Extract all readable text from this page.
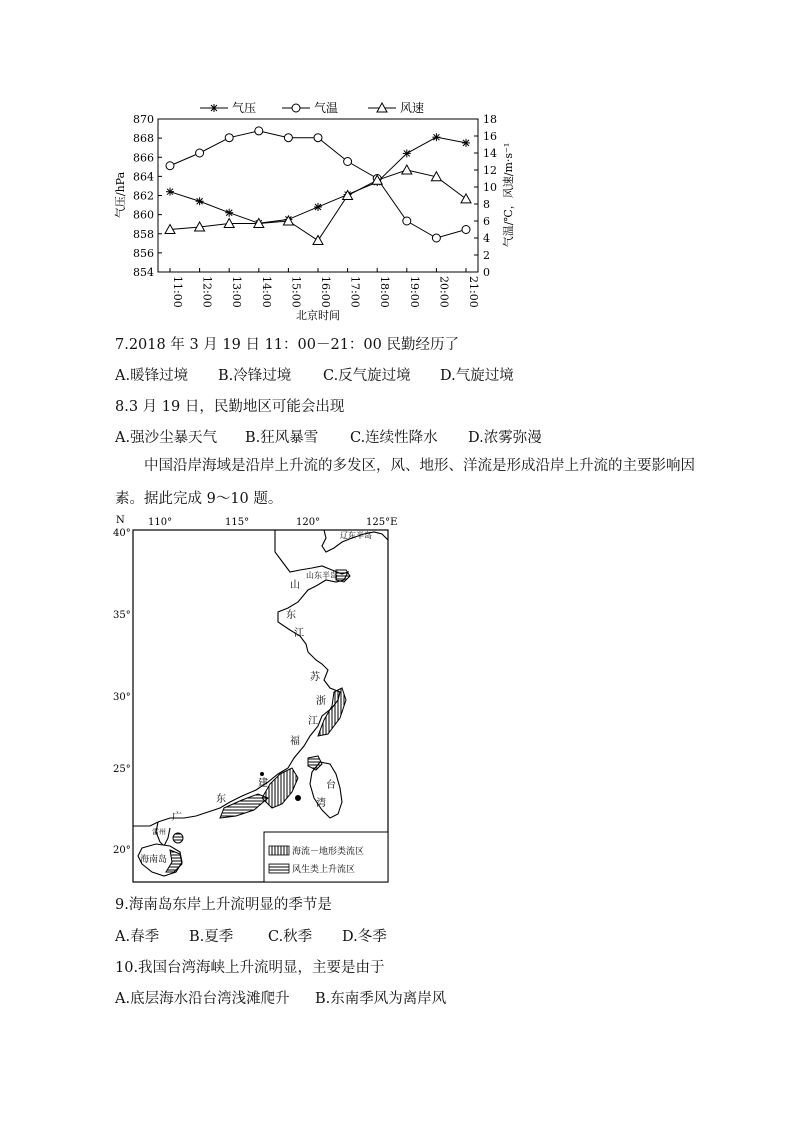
气压	气温	风速
气压/hPa	气温/℃，风速/m·s⁻¹
北京时间
854
856
858
860
862
864
866
868
870
0
2
4
6
8
10
12
14
16
18
11:00 12:00 13:00 14:00 15:00 16:00 17:00 18:00 19:00 20:00 21:00
7.2018 年 3 月 19 日 11：00－21：00 民勤经历了
A.暖锋过境 B.冷锋过境 C.反气旋过境 D.气旋过境
8.3 月 19 日，民勤地区可能会出现
A.强沙尘暴天气 B.狂风暴雪 C.连续性降水 D.浓雾弥漫
中国沿岸海域是沿岸上升流的多发区，风、地形、洋流是形成沿岸上升流的主要影响因素。据此完成 9～10 题。
110°	115°	120°	125°E
N
40°
35°
30°
25°
20°
辽东半岛
山东半岛
山
东
江
苏
浙
江
福
建	台
湾
东
广
雷州
海南岛
海流－地形类流区
风生类上升流区
9.海南岛东岸上升流明显的季节是
A.春季 B.夏季 C.秋季 D.冬季
10.我国台湾海峡上升流明显，主要是由于
A.底层海水沿台湾浅滩爬升 B.东南季风为离岸风
